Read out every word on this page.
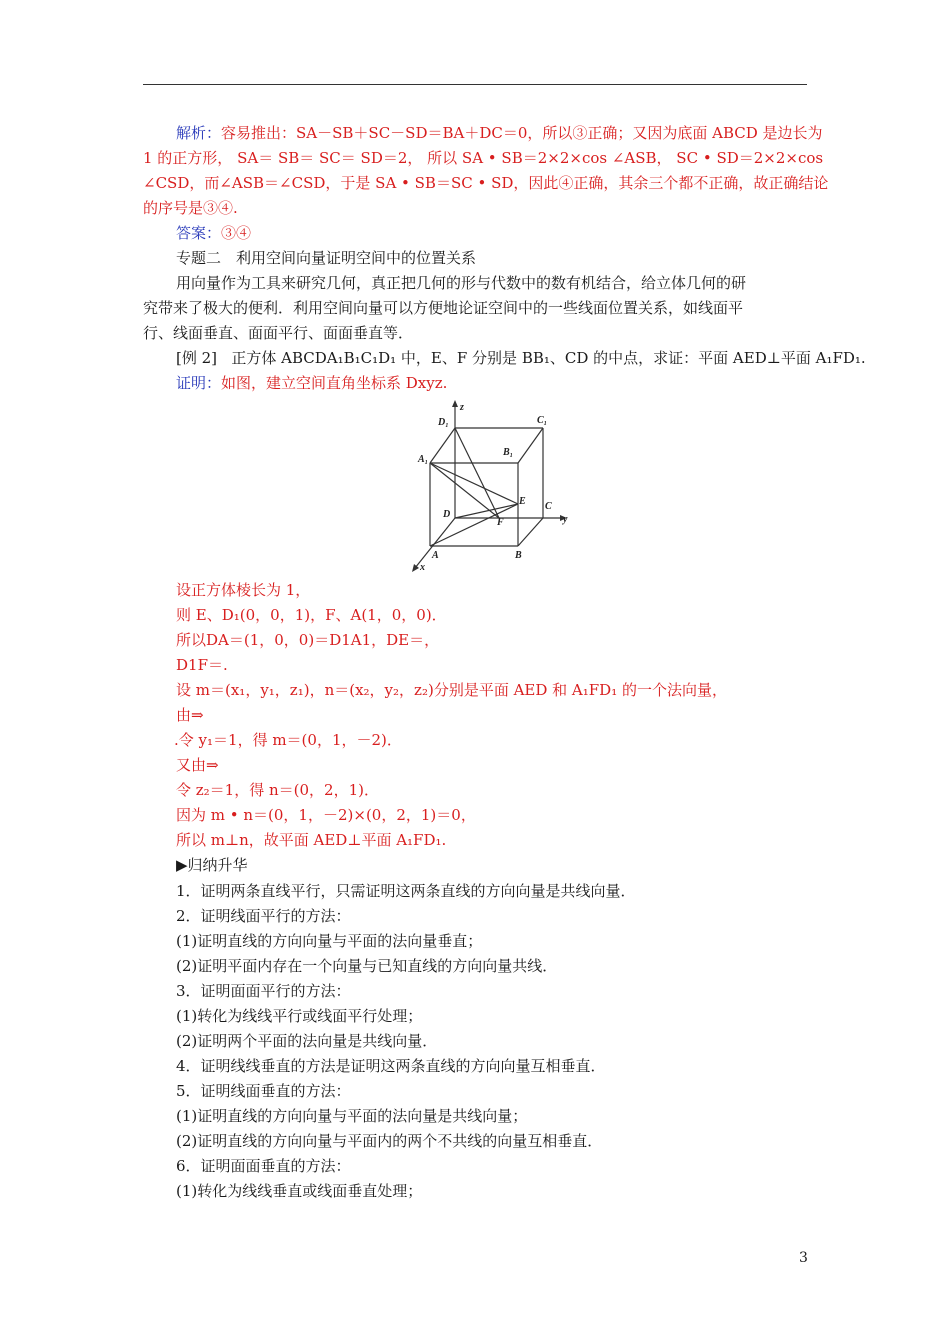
解析：容易推出：SA－SB＋SC－SD＝BA＋DC＝0，所以③正确；又因为底面 ABCD 是边长为
1 的正方形， SA＝ SB＝ SC＝ SD＝2， 所以 SA • SB＝2×2×cos ∠ASB， SC • SD＝2×2×cos
∠CSD，而∠ASB＝∠CSD，于是 SA • SB＝SC • SD，因此④正确，其余三个都不正确，故正确结论
的序号是③④.
答案：③④
专题二　利用空间向量证明空间中的位置关系
用向量作为工具来研究几何，真正把几何的形与代数中的数有机结合，给立体几何的研
究带来了极大的便利．利用空间向量可以方便地论证空间中的一些线面位置关系，如线面平
行、线面垂直、面面平行、面面垂直等．
[例 2] 正方体 ABCDA₁B₁C₁D₁ 中，E、F 分别是 BB₁、CD 的中点，求证：平面 AED⊥平面 A₁FD₁.
证明：如图，建立空间直角坐标系 Dxyz.
z
y
x
A	B
C
D
A₁
B₁
C₁
D₁
E
F
设正方体棱长为 1，
则 E、D₁(0，0，1)，F、A(1，0，0)．
所以DA＝(1，0，0)＝D1A1，DE＝，
D1F＝.
设 m＝(x₁，y₁，z₁)，n＝(x₂，y₂，z₂)分别是平面 AED 和 A₁FD₁ 的一个法向量，
由⇒
.令 y₁＝1，得 m＝(0，1，－2)．
又由⇒
令 z₂＝1，得 n＝(0，2，1)．
因为 m • n＝(0，1，－2)×(0，2，1)＝0，
所以 m⊥n，故平面 AED⊥平面 A₁FD₁.
▶归纳升华
1．证明两条直线平行，只需证明这两条直线的方向向量是共线向量．
2．证明线面平行的方法：
(1)证明直线的方向向量与平面的法向量垂直；
(2)证明平面内存在一个向量与已知直线的方向向量共线．
3．证明面面平行的方法：
(1)转化为线线平行或线面平行处理；
(2)证明两个平面的法向量是共线向量．
4．证明线线垂直的方法是证明这两条直线的方向向量互相垂直．
5．证明线面垂直的方法：
(1)证明直线的方向向量与平面的法向量是共线向量；
(2)证明直线的方向向量与平面内的两个不共线的向量互相垂直．
6．证明面面垂直的方法：
(1)转化为线线垂直或线面垂直处理；
3
